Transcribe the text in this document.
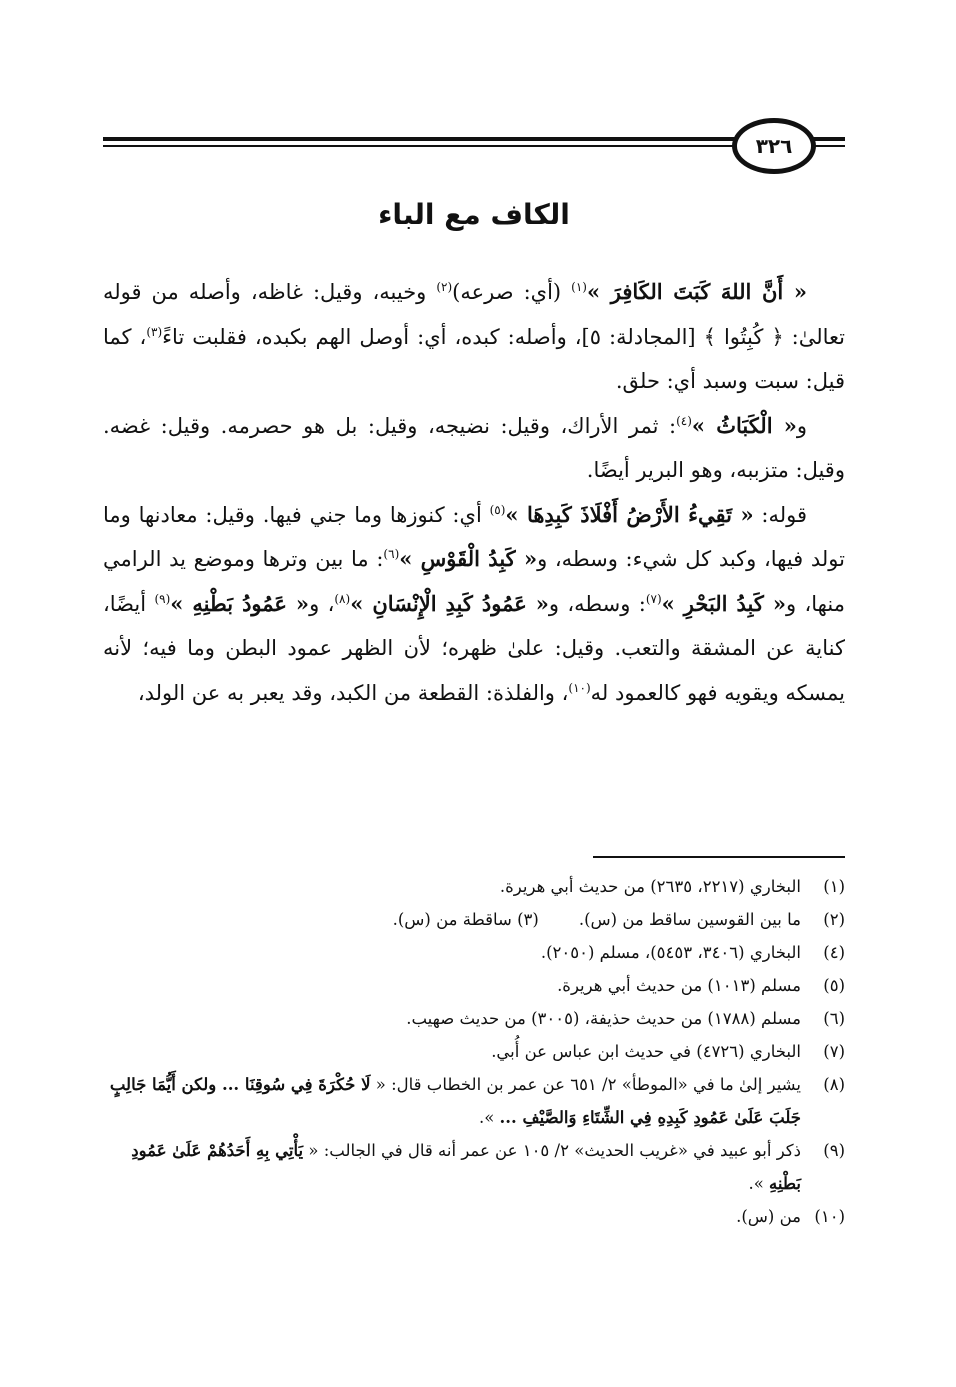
٣٢٦
الكاف مع الباء

« أَنَّ اللهَ كَبَتَ الكَافِرَ »$^{(١)}$ (أي: صرعه)$^{(٢)}$ وخيبه، وقيل: غاظه، وأصله من قوله تعالىٰ: ﴿ كُبِتُوا ﴾ [المجادلة: ٥]، وأصله: كبده، أي: أوصل الهم بكبده، فقلبت تاءً$^{(٣)}$، كما قيل: سبت وسبد أي: حلق.

و« الْكَبَاثُ »$^{(٤)}$: ثمر الأراك، وقيل: نضيجه، وقيل: بل هو حصرمه. وقيل: غضه. وقيل: متزببه، وهو البرير أيضًا.

قوله: « تَقِيءُ الأَرْضُ أَفْلَاذَ كَبِدِهَا »$^{(٥)}$ أي: كنوزها وما جني فيها. وقيل: معادنها وما تولد فيها، وكبد كل شيء: وسطه، و« كَبِدُ الْقَوْسِ »$^{(٦)}$: ما بين وترها وموضع يد الرامي منها، و« كَبِدُ البَحْرِ »$^{(٧)}$: وسطه، و« عَمُودُ كَبِدِ الْإِنْسَانِ »$^{(٨)}$، و« عَمُودُ بَطْنِهِ »$^{(٩)}$ أيضًا، كناية عن المشقة والتعب. وقيل: علىٰ ظهره؛ لأن الظهر عمود البطن وما فيه؛ لأنه يمسكه ويقويه فهو كالعمود له$^{(١٠)}$، والفلذة: القطعة من الكبد، وقد يعبر به عن الولد،

(١)
البخاري (٢٢١٧، ٢٦٣٥) من حديث أبي هريرة.
(٢)
ما بين القوسين ساقط من (س).(٣) ساقطة من (س).
(٤)
البخاري (٣٤٠٦، ٥٤٥٣)، مسلم (٢٠٥٠).
(٥)
مسلم (١٠١٣) من حديث أبي هريرة.
(٦)
مسلم (١٧٨٨) من حديث حذيفة، (٣٠٠٥) من حديث صهيب.
(٧)
البخاري (٤٧٢٦) في حديث ابن عباس عن أُبي.
(٨)
يشير إلىٰ ما في «الموطأ» ٢/ ٦٥١ عن عمر بن الخطاب قال: « لَا حُكْرَةَ فِي سُوقِنَا ... ولكن أَيُّمَا جَالِبٍ جَلَبَ عَلَىٰ عَمُودِ كَبِدِهِ فِي الشِّتَاءِ وَالصَّيْفِ ... ».
(٩)
ذكر أبو عبيد في «غريب الحديث» ٢/ ١٠٥ عن عمر أنه قال في الجالب: « يَأْتِي بِهِ أَحَدُهُمْ عَلَىٰ عَمُودِ بَطْنِهِ ».
(١٠)
من (س).
